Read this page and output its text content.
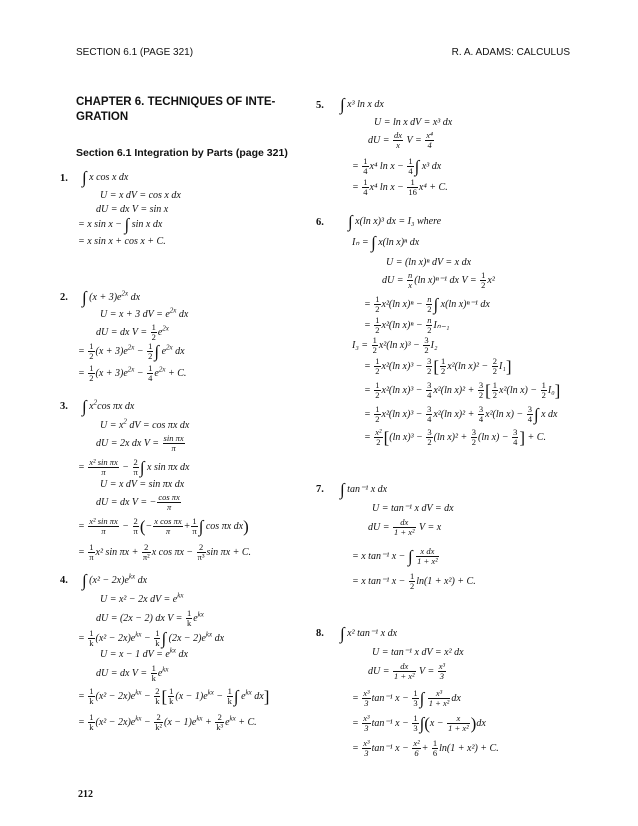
SECTION 6.1 (PAGE 321)	R. A. ADAMS: CALCULUS
CHAPTER 6. TECHNIQUES OF INTE-GRATION
Section 6.1 Integration by Parts (page 321)
1. ∫ x cos x dx
U = x dV = cos x dx
dU = dx V = sin x
= x sin x − ∫ sin x dx
= x sin x + cos x + C.
2. ∫ $(x + 3)e^{2x}$ dx
U = x + 3 dV = $e^{2x}$ dx
dU = dx $V = \frac{1}{2} e^{2x}$
= $\frac{1}{2} (x + 3)e^{2x} - \frac{1}{2}$ ∫ $e^{2x}$ dx
= $\frac{1}{2} (x + 3)e^{2x} - \frac{1}{4} e^{2x} + C$.
3. ∫ $x^2\cos$ πx dx
$U = x^2$ dV = cos πx dx
dU = 2x dx $V = \frac{\text{sin πx}}{\pi}$
= $\frac{\text{x² sin πx}}{\pi} - \frac{2}{\pi}$ ∫ x sin πx dx
U = x dV = sin πx dx
dU = dx V = − $\frac{\text{cos πx}}{\pi}$
= $\frac{\text{x² sin πx}}{\pi} - \frac{2}{\pi}$ (− $\frac{\text{x cos πx}}{\pi} + \frac{1}{\pi}$ ∫ cos πx dx)
= $\frac{1}{\pi} x^2$ $\sin \pi x + \frac{2}{\text{π²}}$ x $\cos \pi x - \frac{2}{\text{π³}}$ sin πx + C.
4. ∫ $(x^2 - 2x)e^{kx}$ dx
U = x² − 2x dV = $e^{kx}$
dU = (2x − 2) dx $V = \frac{1}{k} e^{kx}$
= $\frac{1}{k} (x^2 - 2x)e^{kx} - \frac{1}{k}$ ∫ $(2x - 2)e^{kx}$ dx
U = x − 1 dV = $e^{kx}$ dx
dU = dx $V = \frac{1}{k} e^{kx}$
= $\frac{1}{k} (x^2 - 2x)e^{kx} - \frac{2}{k}$ [ $\frac{1}{k} (x - 1)e^{kx} - \frac{1}{k}$ ∫ $e^{kx}$ dx]
= $\frac{1}{k} (x^2 - 2x)e^{kx} - \frac{2}{\text{k²}} (x - 1)e^{kx} + \frac{2}{\text{k³}} e^{kx} + C$.
212
5. ∫ x³ ln x dx
U = ln x dV = x³ dx
dU = $\frac{dx}{x}$ $V = \frac{\text{x⁴}}{4}$
= $\frac{1}{4} x^4$ $\ln x - \frac{1}{4}$ ∫ x³ dx
= $\frac{1}{4} x^4$ $\ln x - \frac{1}{16} x^4 + C$.
6. ∫ x(ln x)³ dx = I₃ where
Iₙ = ∫ x(ln x)ⁿ dx
U = (ln x)ⁿ dV = x dx
dU = $\frac{n}{x} (\ln$ x)ⁿ⁻¹ dx $V = \frac{1}{2} x^2$
= $\frac{1}{2} x^2(\ln$ $x)^n - \frac{n}{2}$ ∫ x(ln x)ⁿ⁻¹ dx
= $\frac{1}{2} x^2(\ln$ $x)^n - \frac{n}{2} I_{n-1}$
$I_3 = \frac{1}{2} x^2(\ln$ $x)^3 - \frac{3}{2} I_2$
= $\frac{1}{2} x^2(\ln$ $x)^3 - \frac{3}{2}$ [ $\frac{1}{2} x^2(\ln$ $x)^2 - \frac{2}{2} I_1$]
= $\frac{1}{2} x^2(\ln$ $x)^3 - \frac{3}{4} x^2(\ln$ $x)^2 + \frac{3}{2}$ [ $\frac{1}{2} x^2(\ln$ $x) - \frac{1}{2} I_0$]
= $\frac{1}{2} x^2(\ln$ $x)^3 - \frac{3}{4} x^2(\ln$ $x)^2 + \frac{3}{4} x^2(\ln$ $x) - \frac{3}{4}$ ∫ x dx
= $\frac{\text{x²}}{2} [(\ln$ $x)^3 - \frac{3}{2} (\ln$ $x)^2 + \frac{3}{2} (\ln$ $x) - \frac{3}{4}$ ] + C.
7. ∫ tan⁻¹ x dx
U = tan⁻¹ x dV = dx
dU = $\frac{dx}{\text{1 + x²}}$ V = x
= x tan⁻¹ x − ∫ $\frac{\text{x dx}}{\text{1 + x²}}$
= x tan⁻¹ $x - \frac{1}{2} \ln(1 + x^2) + C$.
8. ∫ x² tan⁻¹ x dx
U = tan⁻¹ x dV = x² dx
dU = $\frac{dx}{\text{1 + x²}}$ $V = \frac{\text{x³}}{3}$
= $\frac{\text{x³}}{3} \tan^{-1}$ $x - \frac{1}{3}$ ∫ $\frac{\text{x³}}{\text{1 + x²}}$ dx
= $\frac{\text{x³}}{3} \tan^{-1}$ $x - \frac{1}{3} \int(x - \frac{x}{\text{1 + x²}} )dx$
= $\frac{\text{x³}}{3} \tan^{-1}$ $x - \frac{\text{x²}}{6} + \frac{1}{6} \ln(1 + x^2) + C$.
